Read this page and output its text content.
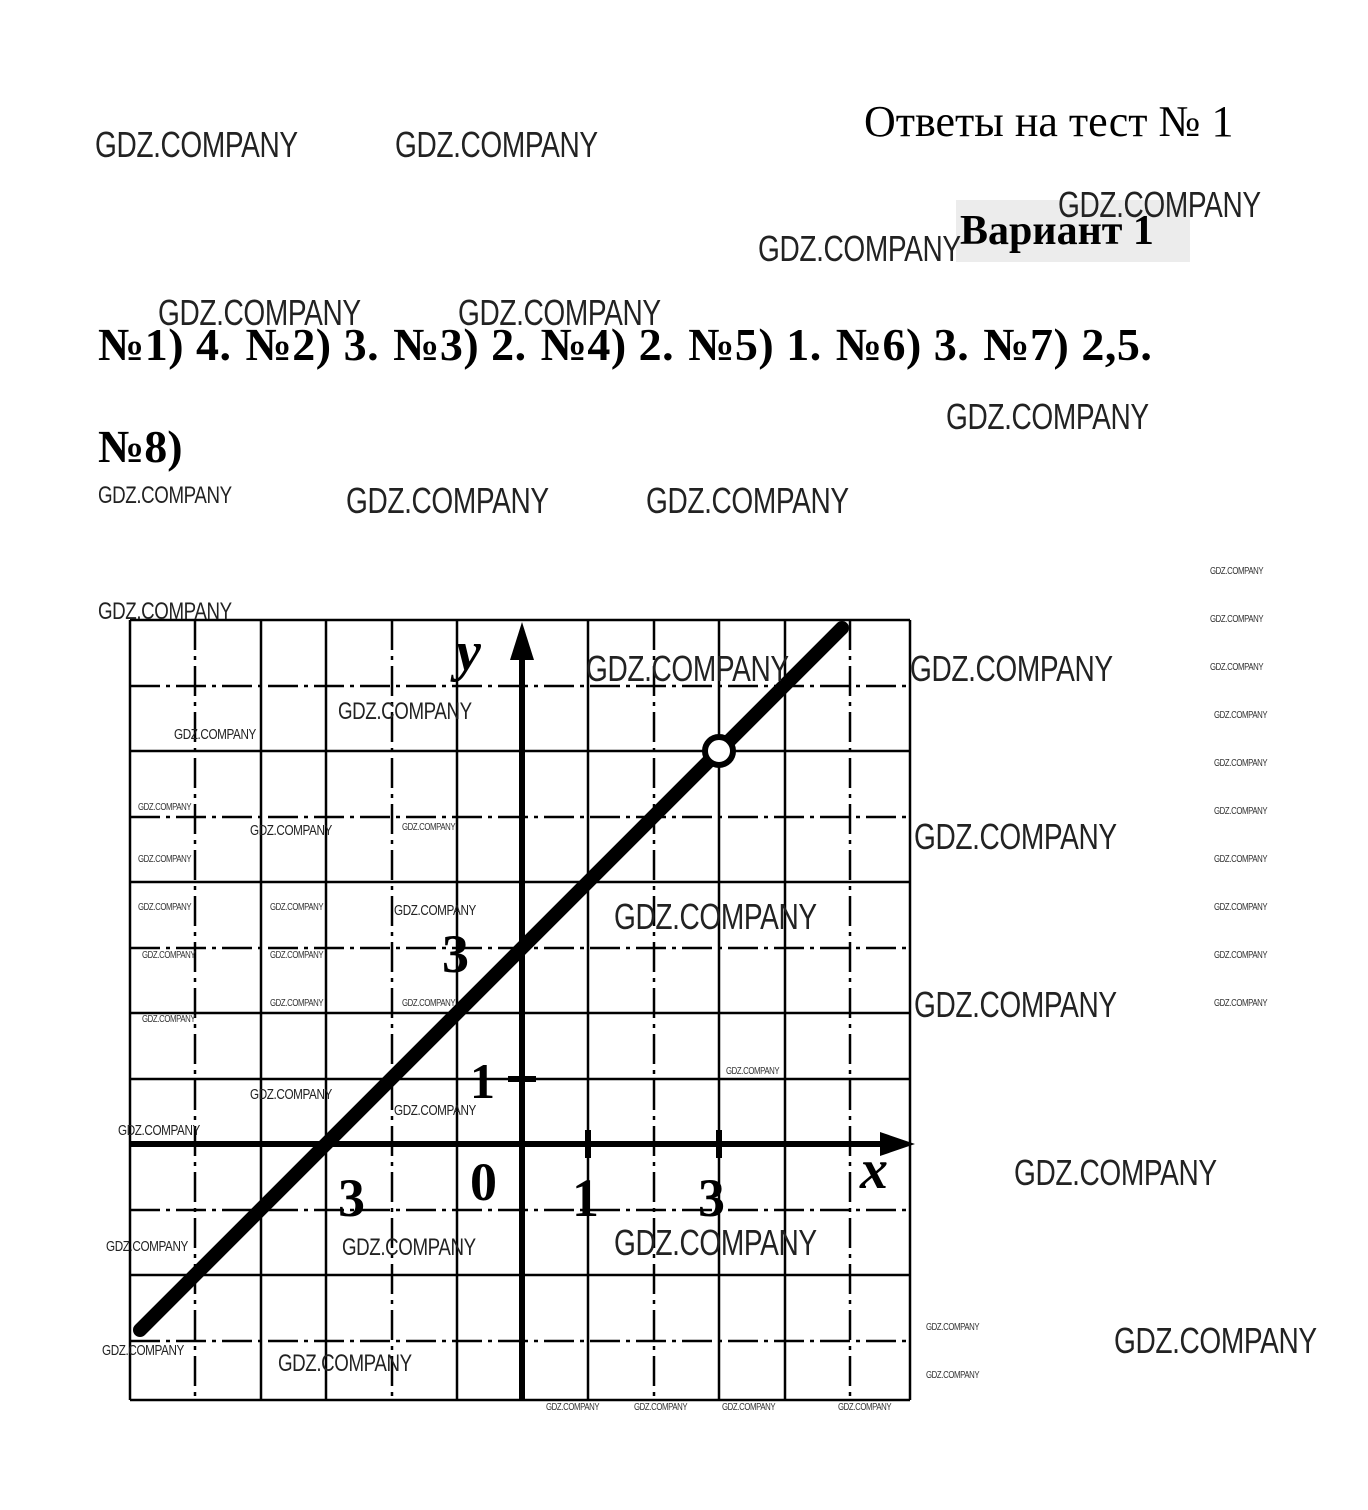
Ответы на тест № 1
Вариант 1
№1) 4. №2) 3. №3) 2. №4) 2. №5) 1. №6) 3. №7) 2,5.
№8)
y
x
0
3	1 3
1
3
GDZ.COMPANY	GDZ.COMPANY
GDZ.COMPANY
GDZ.COMPANY
GDZ.COMPANY	GDZ.COMPANY
GDZ.COMPANY
GDZ.COMPANY	GDZ.COMPANY	GDZ.COMPANY
GDZ.COMPANY
GDZ.COMPANY	GDZ.COMPANY
GDZ.COMPANY
GDZ.COMPANY
GDZ.COMPANY
GDZ.COMPANY	GDZ.COMPANY	GDZ.COMPANY
GDZ.COMPANY
GDZ.COMPANY	GDZ.COMPANY	GDZ.COMPANY	GDZ.COMPANY
GDZ.COMPANY	GDZ.COMPANY
GDZ.COMPANY	GDZ.COMPANY	GDZ.COMPANY
GDZ.COMPANY
GDZ.COMPANY
GDZ.COMPANY
GDZ.COMPANY
GDZ.COMPANY
GDZ.COMPANY
GDZ.COMPANY
GDZ.COMPANY	GDZ.COMPANY
GDZ.COMPANY	GDZ.COMPANY
GDZ.COMPANY	GDZ.COMPANY	GDZ.COMPANY
GDZ.COMPANY	GDZ.COMPANY	GDZ.COMPANY	GDZ.COMPANY
GDZ.COMPANY
GDZ.COMPANY
GDZ.COMPANY
GDZ.COMPANY
GDZ.COMPANY
GDZ.COMPANY
GDZ.COMPANY
GDZ.COMPANY
GDZ.COMPANY
GDZ.COMPANY
